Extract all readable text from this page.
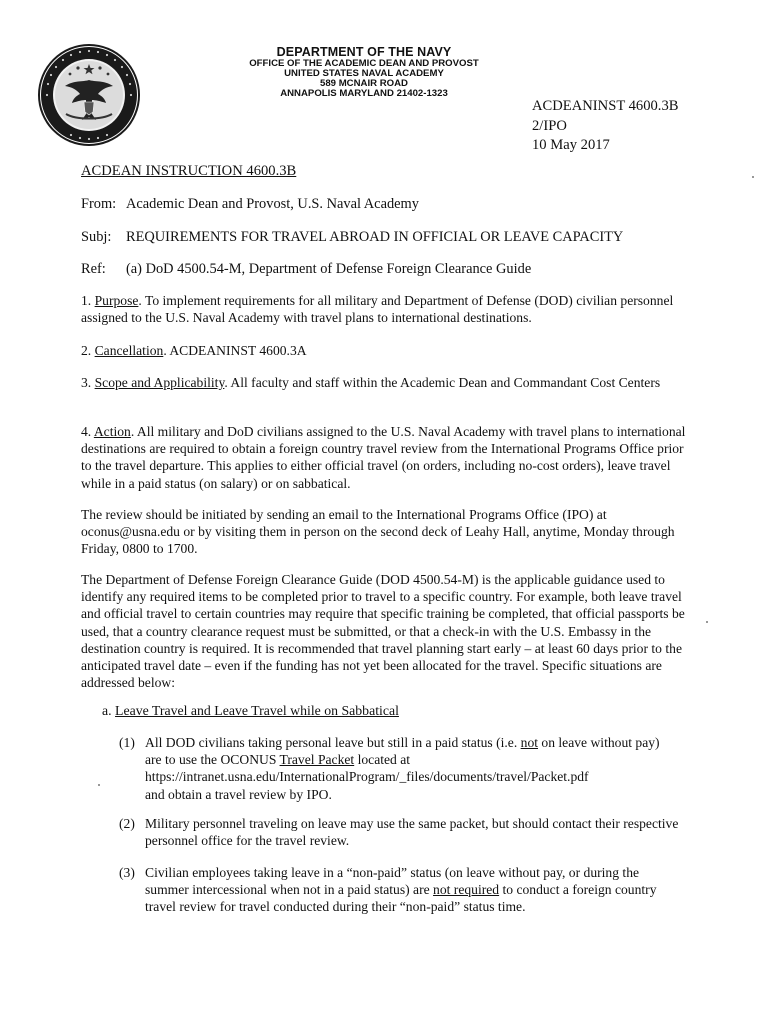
DEPARTMENT OF THE NAVY
OFFICE OF THE ACADEMIC DEAN AND PROVOST
UNITED STATES NAVAL ACADEMY
589 MCNAIR ROAD
ANNAPOLIS MARYLAND 21402-1323
ACDEANINST 4600.3B
2/IPO
10 May 2017
ACDEAN INSTRUCTION 4600.3B
From: Academic Dean and Provost, U.S. Naval Academy
Subj: REQUIREMENTS FOR TRAVEL ABROAD IN OFFICIAL OR LEAVE CAPACITY
Ref: (a) DoD 4500.54-M, Department of Defense Foreign Clearance Guide
1. Purpose. To implement requirements for all military and Department of Defense (DOD) civilian personnel assigned to the U.S. Naval Academy with travel plans to international destinations.
2. Cancellation. ACDEANINST 4600.3A
3. Scope and Applicability. All faculty and staff within the Academic Dean and Commandant Cost Centers
4. Action. All military and DoD civilians assigned to the U.S. Naval Academy with travel plans to international destinations are required to obtain a foreign country travel review from the International Programs Office prior to the travel departure. This applies to either official travel (on orders, including no-cost orders), leave travel while in a paid status (on salary) or on sabbatical.
The review should be initiated by sending an email to the International Programs Office (IPO) at oconus@usna.edu or by visiting them in person on the second deck of Leahy Hall, anytime, Monday through Friday, 0800 to 1700.
The Department of Defense Foreign Clearance Guide (DOD 4500.54-M) is the applicable guidance used to identify any required items to be completed prior to travel to a specific country. For example, both leave travel and official travel to certain countries may require that specific training be completed, that official passports be used, that a country clearance request must be submitted, or that a check-in with the U.S. Embassy in the destination country is required. It is recommended that travel planning start early – at least 60 days prior to the anticipated travel date – even if the funding has not yet been allocated for the travel. Specific situations are addressed below:
a. Leave Travel and Leave Travel while on Sabbatical
(1) All DOD civilians taking personal leave but still in a paid status (i.e. not on leave without pay) are to use the OCONUS Travel Packet located at
https://intranet.usna.edu/InternationalProgram/_files/documents/travel/Packet.pdf
and obtain a travel review by IPO.
(2) Military personnel traveling on leave may use the same packet, but should contact their respective personnel office for the travel review.
(3) Civilian employees taking leave in a “non-paid” status (on leave without pay, or during the summer intercessional when not in a paid status) are not required to conduct a foreign country travel review for travel conducted during their “non-paid” status time.
